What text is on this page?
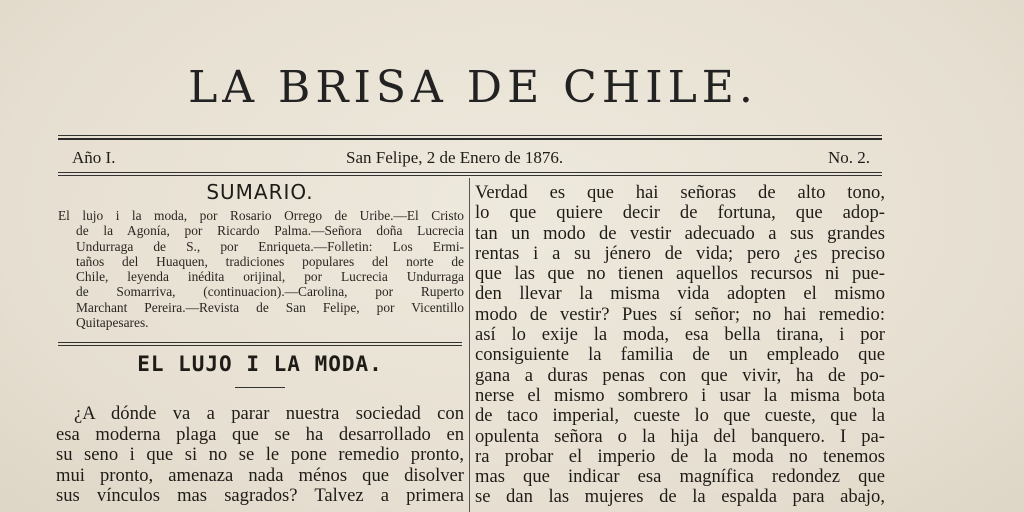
LA BRISA DE CHILE.
Año I.	San Felipe, 2 de Enero de 1876.	No. 2.
SUMARIO.
El lujo i la moda, por Rosario Orrego de Uribe.—El Cristo
de la Agonía, por Ricardo Palma.—Señora doña Lucrecia
Undurraga de S., por Enriqueta.—Folletin: Los Ermi-
taños del Huaquen, tradiciones populares del norte de
Chile, leyenda inédita orijinal, por Lucrecia Undurraga
de Somarriva, (continuacion).—Carolina, por Ruperto
Marchant Pereira.—Revista de San Felipe, por Vicentillo
Quitapesares.
EL LUJO I LA MODA.
¿A dónde va a parar nuestra sociedad con
esa moderna plaga que se ha desarrollado en
su seno i que si no se le pone remedio pronto,
mui pronto, amenaza nada ménos que disolver
sus vínculos mas sagrados? Talvez a primera
Verdad es que hai señoras de alto tono,
lo que quiere decir de fortuna, que adop-
tan un modo de vestir adecuado a sus grandes
rentas i a su jénero de vida; pero ¿es preciso
que las que no tienen aquellos recursos ni pue-
den llevar la misma vida adopten el mismo
modo de vestir? Pues sí señor; no hai remedio:
así lo exije la moda, esa bella tirana, i por
consiguiente la familia de un empleado que
gana a duras penas con que vivir, ha de po-
nerse el mismo sombrero i usar la misma bota
de taco imperial, cueste lo que cueste, que la
opulenta señora o la hija del banquero. I pa-
ra probar el imperio de la moda no tenemos
mas que indicar esa magnífica redondez que
se dan las mujeres de la espalda para abajo,
